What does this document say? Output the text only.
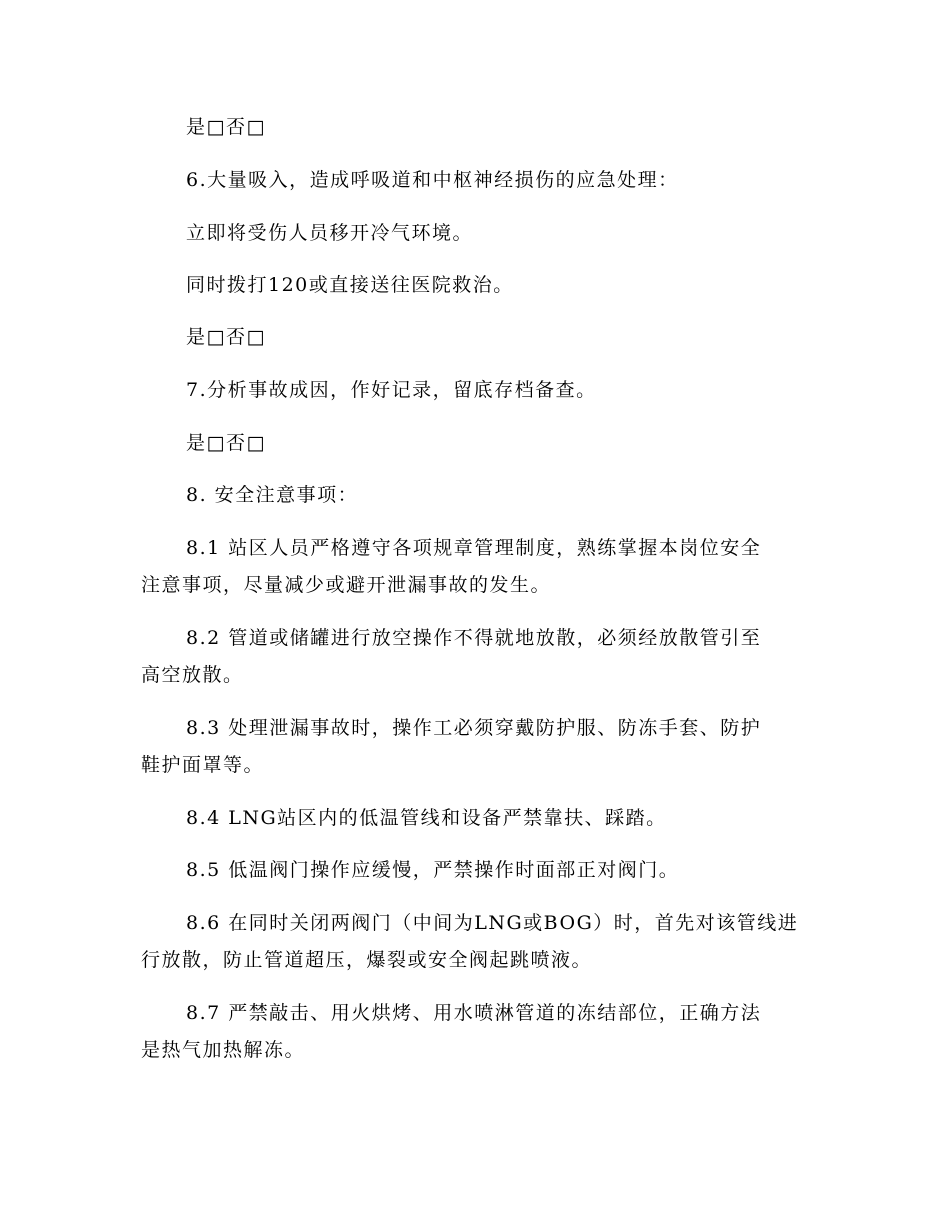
是□否□
6.大量吸入，造成呼吸道和中枢神经损伤的应急处理：
立即将受伤人员移开冷气环境。
同时拨打120或直接送往医院救治。
是□否□
7.分析事故成因，作好记录，留底存档备查。
是□否□
8. 安全注意事项：
8.1 站区人员严格遵守各项规章管理制度，熟练掌握本岗位安全
注意事项，尽量减少或避开泄漏事故的发生。
8.2 管道或储罐进行放空操作不得就地放散，必须经放散管引至
高空放散。
8.3 处理泄漏事故时，操作工必须穿戴防护服、防冻手套、防护
鞋护面罩等。
8.4 LNG站区内的低温管线和设备严禁靠扶、踩踏。
8.5 低温阀门操作应缓慢，严禁操作时面部正对阀门。
8.6 在同时关闭两阀门（中间为LNG或BOG）时，首先对该管线进
行放散，防止管道超压，爆裂或安全阀起跳喷液。
8.7 严禁敲击、用火烘烤、用水喷淋管道的冻结部位，正确方法
是热气加热解冻。
